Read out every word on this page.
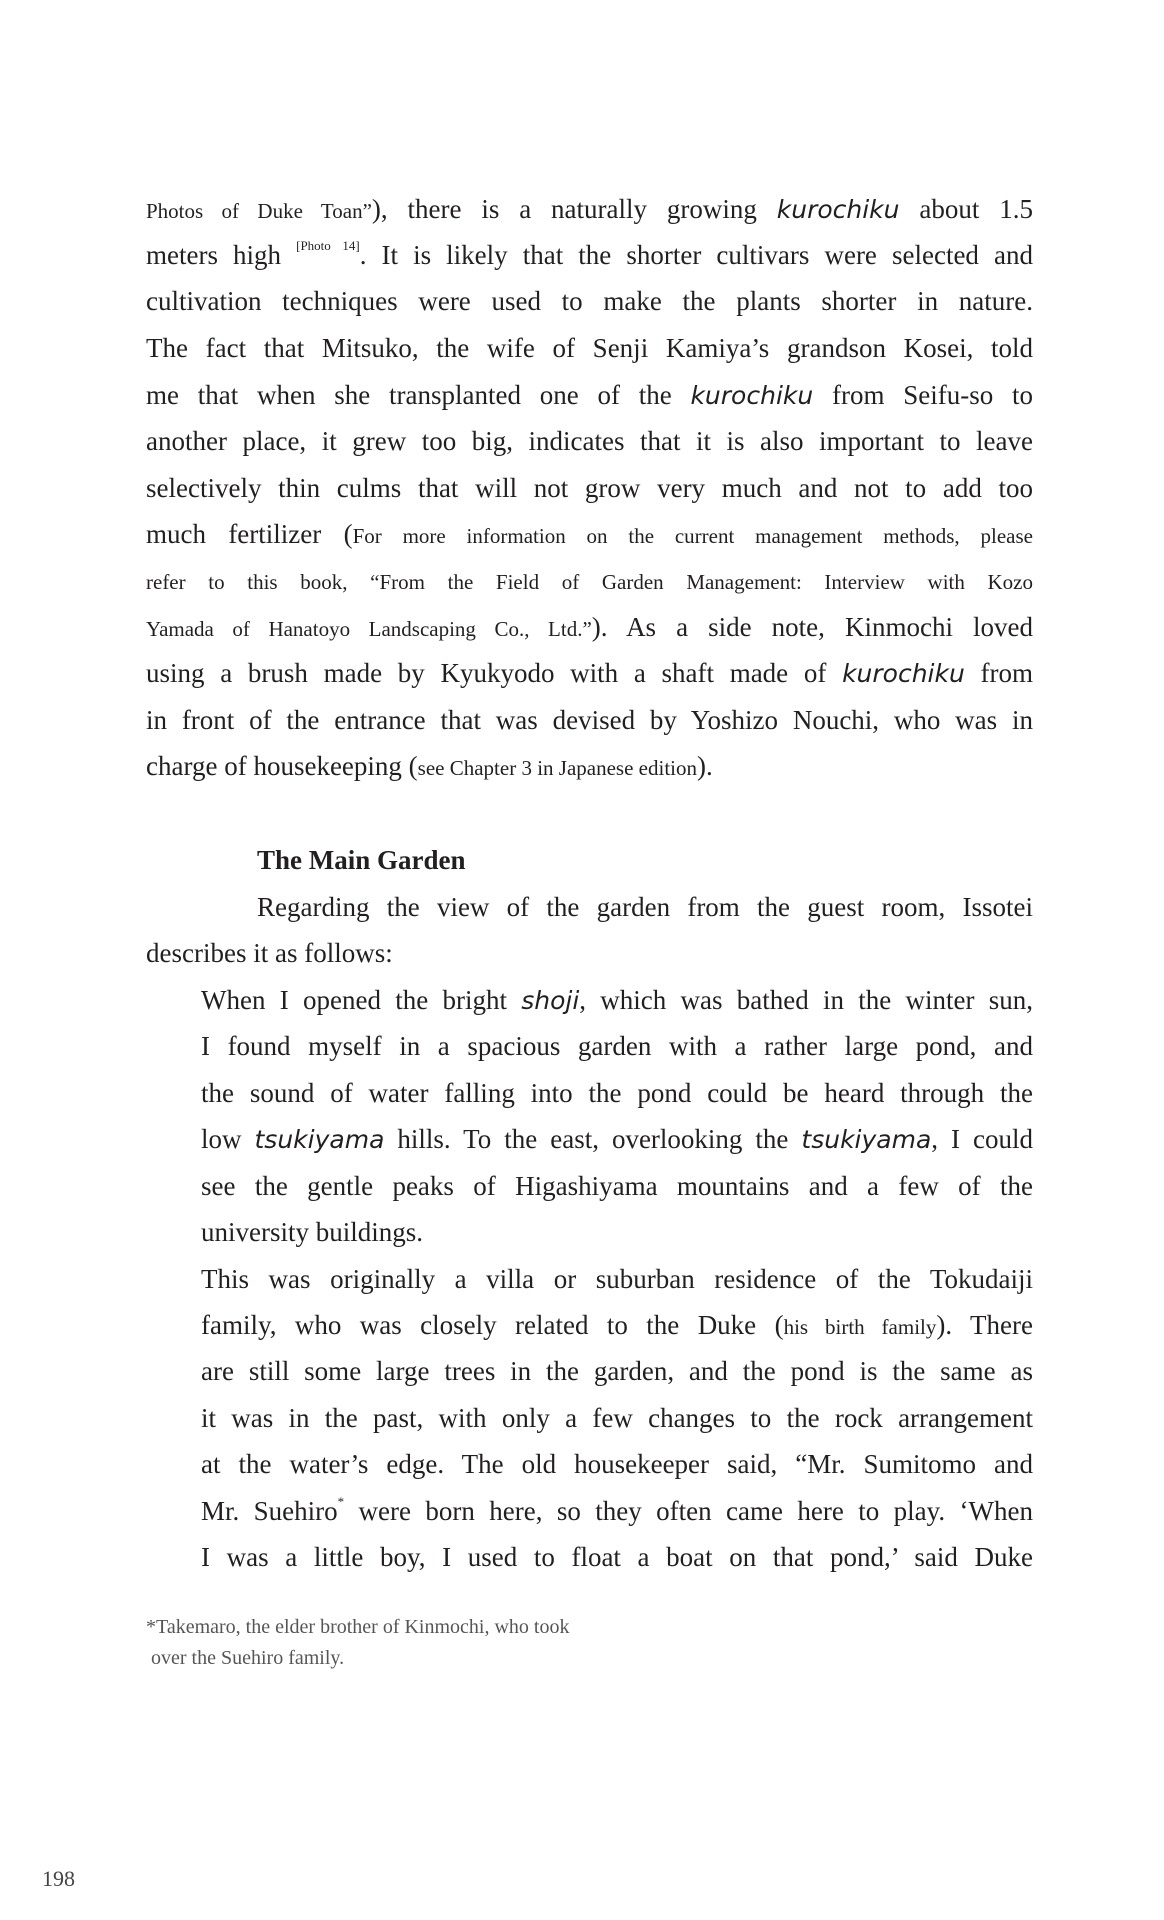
Photos of Duke Toan”), there is a naturally growing kurochiku about 1.5
meters high [Photo 14]. It is likely that the shorter cultivars were selected and
cultivation techniques were used to make the plants shorter in nature.
The fact that Mitsuko, the wife of Senji Kamiya’s grandson Kosei, told
me that when she transplanted one of the kurochiku from Seifu-so to
another place, it grew too big, indicates that it is also important to leave
selectively thin culms that will not grow very much and not to add too
much fertilizer (For more information on the current management methods, please
refer to this book, “From the Field of Garden Management: Interview with Kozo
Yamada of Hanatoyo Landscaping Co., Ltd.”). As a side note, Kinmochi loved
using a brush made by Kyukyodo with a shaft made of kurochiku from
in front of the entrance that was devised by Yoshizo Nouchi, who was in
charge of housekeeping (see Chapter 3 in Japanese edition).
The Main Garden
Regarding the view of the garden from the guest room, Issotei
describes it as follows:
When I opened the bright shoji, which was bathed in the winter sun,
I found myself in a spacious garden with a rather large pond, and
the sound of water falling into the pond could be heard through the
low tsukiyama hills. To the east, overlooking the tsukiyama, I could
see the gentle peaks of Higashiyama mountains and a few of the
university buildings.
This was originally a villa or suburban residence of the Tokudaiji
family, who was closely related to the Duke (his birth family). There
are still some large trees in the garden, and the pond is the same as
it was in the past, with only a few changes to the rock arrangement
at the water’s edge. The old housekeeper said, “Mr. Sumitomo and
Mr. Suehiro* were born here, so they often came here to play. ‘When
I was a little boy, I used to float a boat on that pond,’ said Duke
*Takemaro, the elder brother of Kinmochi, who took
over the Suehiro family.
198
